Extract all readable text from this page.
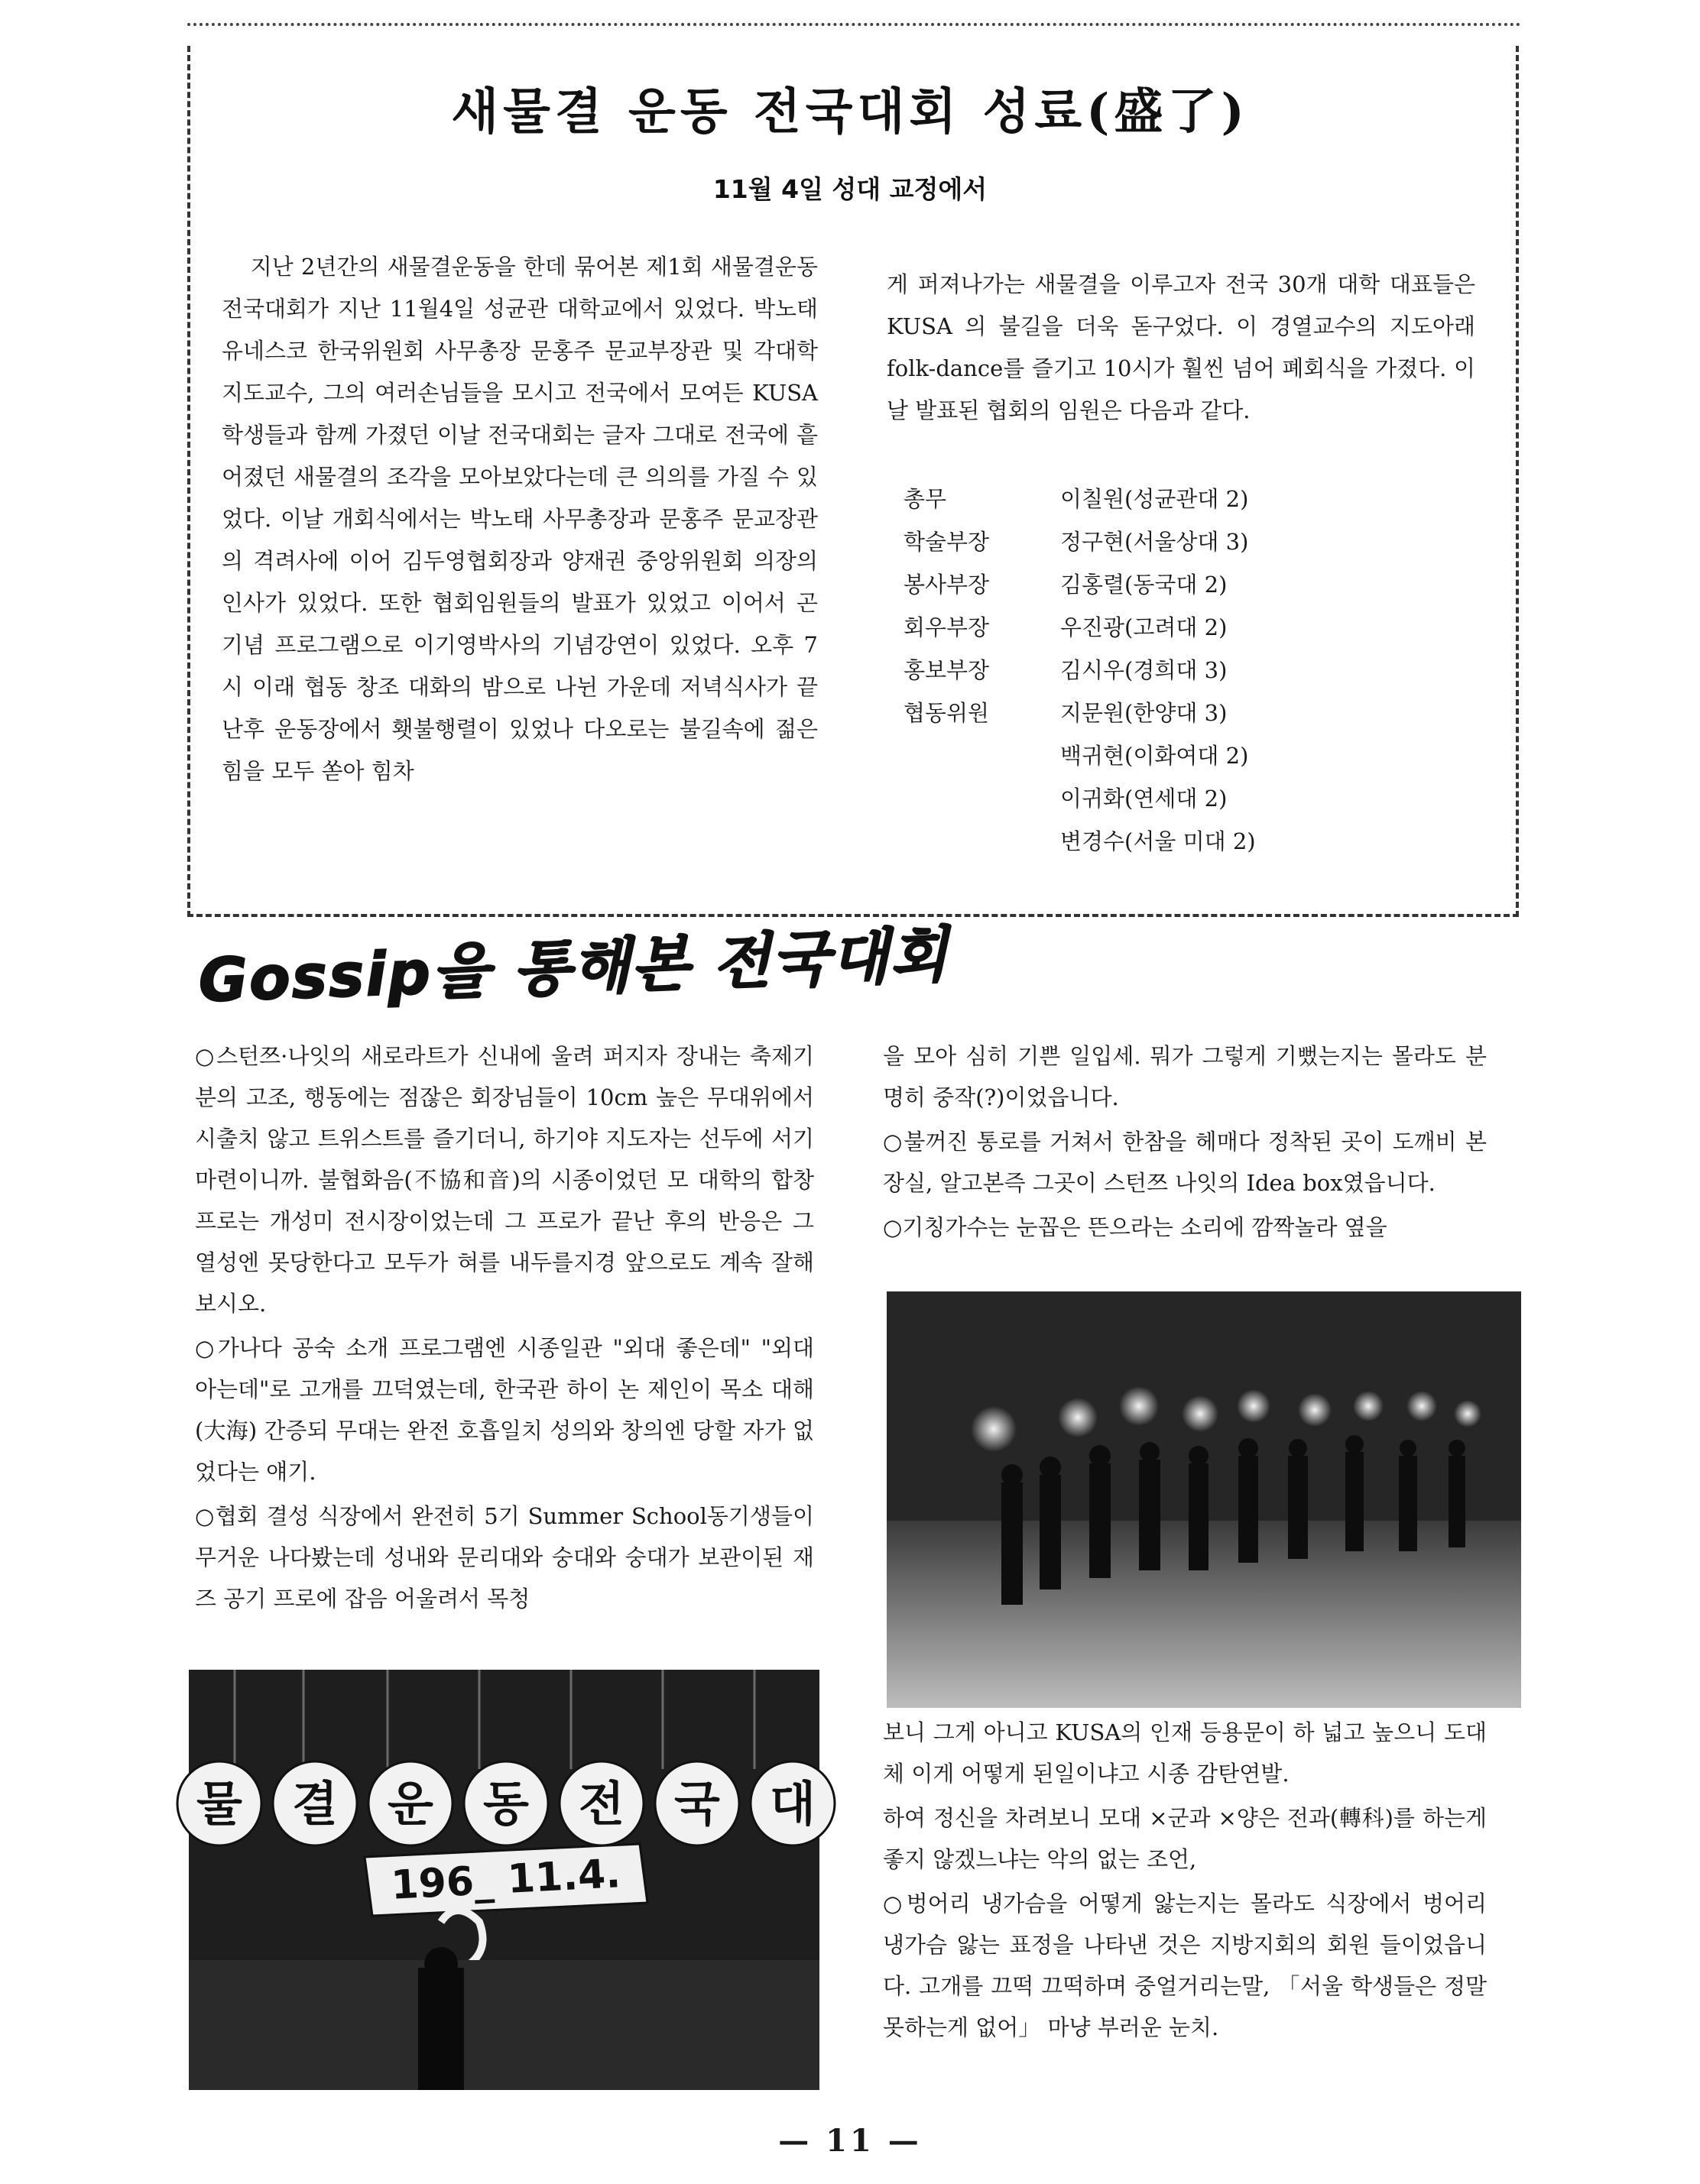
새물결 운동 전국대회 성료(盛了)
11월 4일 성대 교정에서

지난 2년간의 새물결운동을 한데 묶어본 제1회 새물결운동 전국대회가 지난 11월4일 성균관 대학교에서 있었다. 박노태 유네스코 한국위원회 사무총장 문홍주 문교부장관 및 각대학 지도교수, 그의 여러손님들을 모시고 전국에서 모여든 KUSA 학생들과 함께 가졌던 이날 전국대회는 글자 그대로 전국에 흩어졌던 새물결의 조각을 모아보았다는데 큰 의의를 가질 수 있었다. 이날 개회식에서는 박노태 사무총장과 문홍주 문교장관의 격려사에 이어 김두영협회장과 양재권 중앙위원회 의장의 인사가 있었다. 또한 협회임원들의 발표가 있었고 이어서 곤 기념 프로그램으로 이기영박사의 기념강연이 있었다. 오후 7시 이래 협동 창조 대화의 밤으로 나뉜 가운데 저녁식사가 끝난후 운동장에서 횃불행렬이 있었나 다오로는 불길속에 젊은 힘을 모두 쏟아 힘차

게 퍼져나가는 새물결을 이루고자 전국 30개 대학 대표들은 KUSA 의 불길을 더욱 돋구었다. 이 경열교수의 지도아래 folk-dance를 즐기고 10시가 훨씬 넘어 폐회식을 가졌다. 이날 발표된 협회의 임원은 다음과 같다.

총무	이칠원(성균관대 2)
학술부장	정구현(서울상대 3)
봉사부장	김홍렬(동국대 2)
회우부장	우진광(고려대 2)
홍보부장	김시우(경희대 3)
협동위원	지문원(한양대 3)
백귀현(이화여대 2)
이귀화(연세대 2)
변경수(서울 미대 2)
Gossip을 통해본 전국대회

○스턴쯔·나잇의 새로라트가 신내에 울려 퍼지자 장내는 축제기분의 고조, 행동에는 점잖은 회장님들이 10cm 높은 무대위에서 시출치 않고 트위스트를 즐기더니, 하기야 지도자는 선두에 서기 마련이니까. 불협화음(不協和音)의 시종이었던 모 대학의 합창 프로는 개성미 전시장이었는데 그 프로가 끝난 후의 반응은 그 열성엔 못당한다고 모두가 혀를 내두를지경 앞으로도 계속 잘해보시오.

○가나다 공숙 소개 프로그램엔 시종일관 "외대 좋은데" "외대 아는데"로 고개를 끄덕였는데, 한국관 하이 논 제인이 목소 대해(大海) 간증되 무대는 완전 호흡일치 성의와 창의엔 당할 자가 없었다는 얘기.

○협회 결성 식장에서 완전히 5기 Summer School동기생들이 무거운 나다봤는데 성내와 문리대와 숭대와 숭대가 보관이된 재즈 공기 프로에 잡음 어울려서 목청

을 모아 심히 기쁜 일입세. 뭐가 그렇게 기뻤는지는 몰라도 분명히 중작(?)이었읍니다.

○불꺼진 통로를 거쳐서 한참을 헤매다 정착된 곳이 도깨비 본장실, 알고본즉 그곳이 스턴쯔 나잇의 Idea box였읍니다.

○기칭가수는 눈꼽은 뜬으라는 소리에 깜짝놀라 옆을

보니 그게 아니고 KUSA의 인재 등용문이 하 넓고 높으니 도대체 이게 어떻게 된일이냐고 시종 감탄연발.

하여 정신을 차려보니 모대 ×군과 ×양은 전과(轉科)를 하는게 좋지 않겠느냐는 악의 없는 조언,

○벙어리 냉가슴을 어떻게 앓는지는 몰라도 식장에서 벙어리 냉가슴 앓는 표정을 나타낸 것은 지방지회의 회원 들이었읍니다. 고개를 끄떡 끄떡하며 중얼거리는말, 「서울 학생들은 정말 못하는게 없어」 마냥 부러운 눈치.

물 결 운 동 전 국 대
196_ 11.4.
— 11 —
